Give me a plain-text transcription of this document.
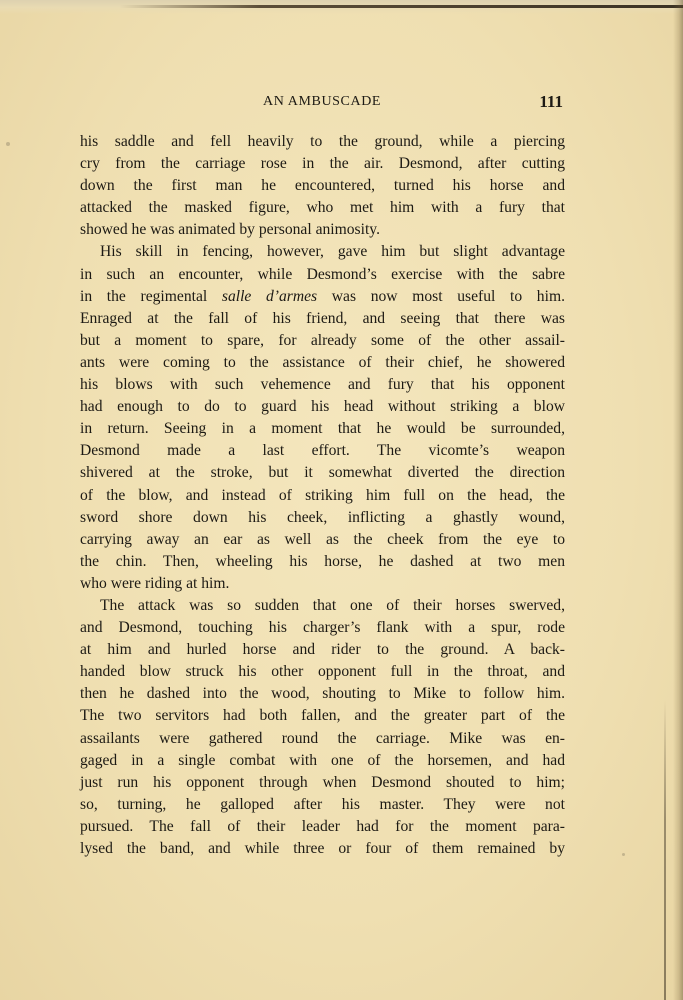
AN AMBUSCADE	111
his saddle and fell heavily to the ground, while a piercing
cry from the carriage rose in the air. Desmond, after cutting
down the first man he encountered, turned his horse and
attacked the masked figure, who met him with a fury that
showed he was animated by personal animosity.
His skill in fencing, however, gave him but slight advantage
in such an encounter, while Desmond’s exercise with the sabre
in the regimental salle d’armes was now most useful to him.
Enraged at the fall of his friend, and seeing that there was
but a moment to spare, for already some of the other assail-
ants were coming to the assistance of their chief, he showered
his blows with such vehemence and fury that his opponent
had enough to do to guard his head without striking a blow
in return. Seeing in a moment that he would be surrounded,
Desmond made a last effort. The vicomte’s weapon
shivered at the stroke, but it somewhat diverted the direction
of the blow, and instead of striking him full on the head, the
sword shore down his cheek, inflicting a ghastly wound,
carrying away an ear as well as the cheek from the eye to
the chin. Then, wheeling his horse, he dashed at two men
who were riding at him.
The attack was so sudden that one of their horses swerved,
and Desmond, touching his charger’s flank with a spur, rode
at him and hurled horse and rider to the ground. A back-
handed blow struck his other opponent full in the throat, and
then he dashed into the wood, shouting to Mike to follow him.
The two servitors had both fallen, and the greater part of the
assailants were gathered round the carriage. Mike was en-
gaged in a single combat with one of the horsemen, and had
just run his opponent through when Desmond shouted to him;
so, turning, he galloped after his master. They were not
pursued. The fall of their leader had for the moment para-
lysed the band, and while three or four of them remained by
